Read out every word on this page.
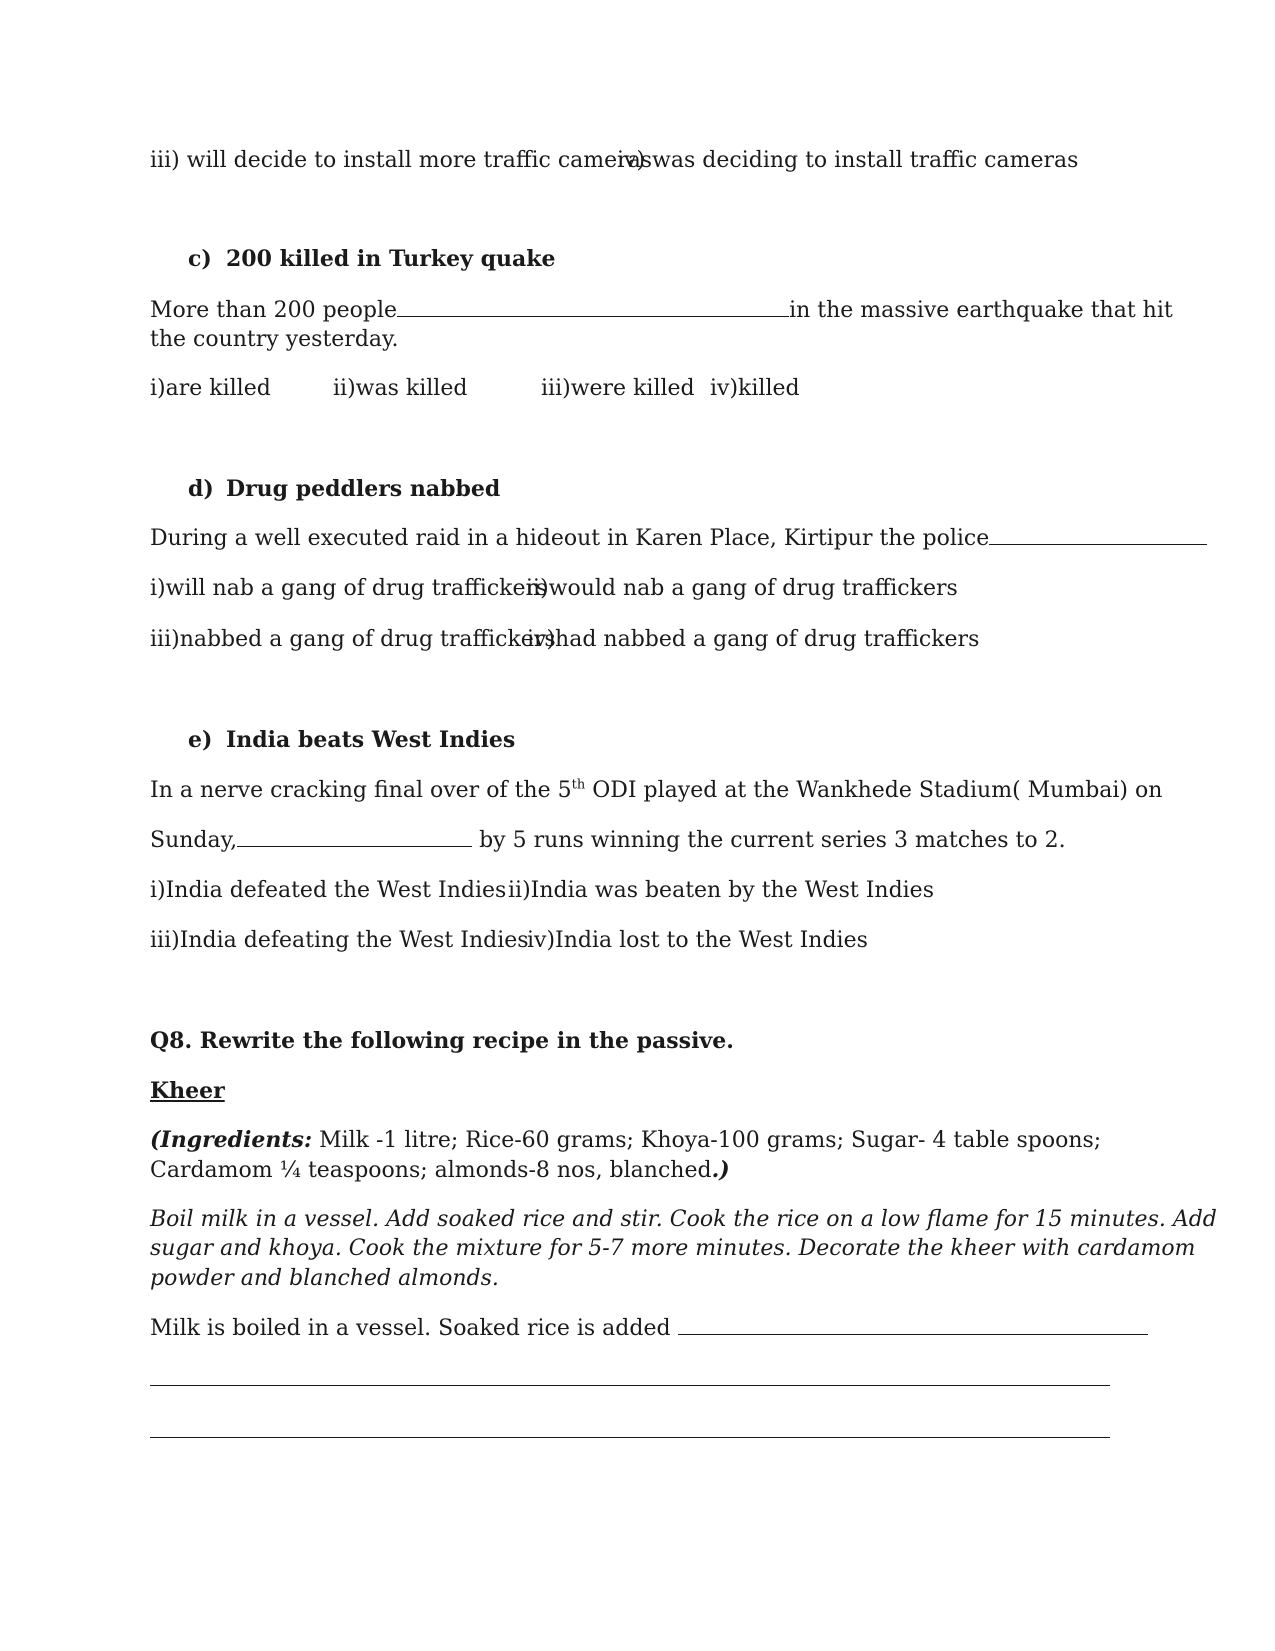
iii) will decide to install more traffic cameras
iv) was deciding to install traffic cameras
c) 200 killed in Turkey quake
More than 200 people	in the massive earthquake that hit
the country yesterday.
i)are killed	ii)was killed	iii)were killed iv)killed
d) Drug peddlers nabbed
During a well executed raid in a hideout in Karen Place, Kirtipur the police
i)will nab a gang of drug traffickers
ii)would nab a gang of drug traffickers
iii)nabbed a gang of drug traffickers
iv)had nabbed a gang of drug traffickers
e) India beats West Indies
In a nerve cracking final over of the 5th ODI played at the Wankhede Stadium( Mumbai) on
Sunday,	by 5 runs winning the current series 3 matches to 2.
i)India defeated the West Indies ii)India was beaten by the West Indies
iii)India defeating the West Indies
iv)India lost to the West Indies
Q8. Rewrite the following recipe in the passive.
Kheer
(Ingredients: Milk -1 litre; Rice-60 grams; Khoya-100 grams; Sugar- 4 table spoons;
Cardamom ¼ teaspoons; almonds-8 nos, blanched.)
Boil milk in a vessel. Add soaked rice and stir. Cook the rice on a low flame for 15 minutes. Add
sugar and khoya. Cook the mixture for 5-7 more minutes. Decorate the kheer with cardamom
powder and blanched almonds.
Milk is boiled in a vessel. Soaked rice is added
